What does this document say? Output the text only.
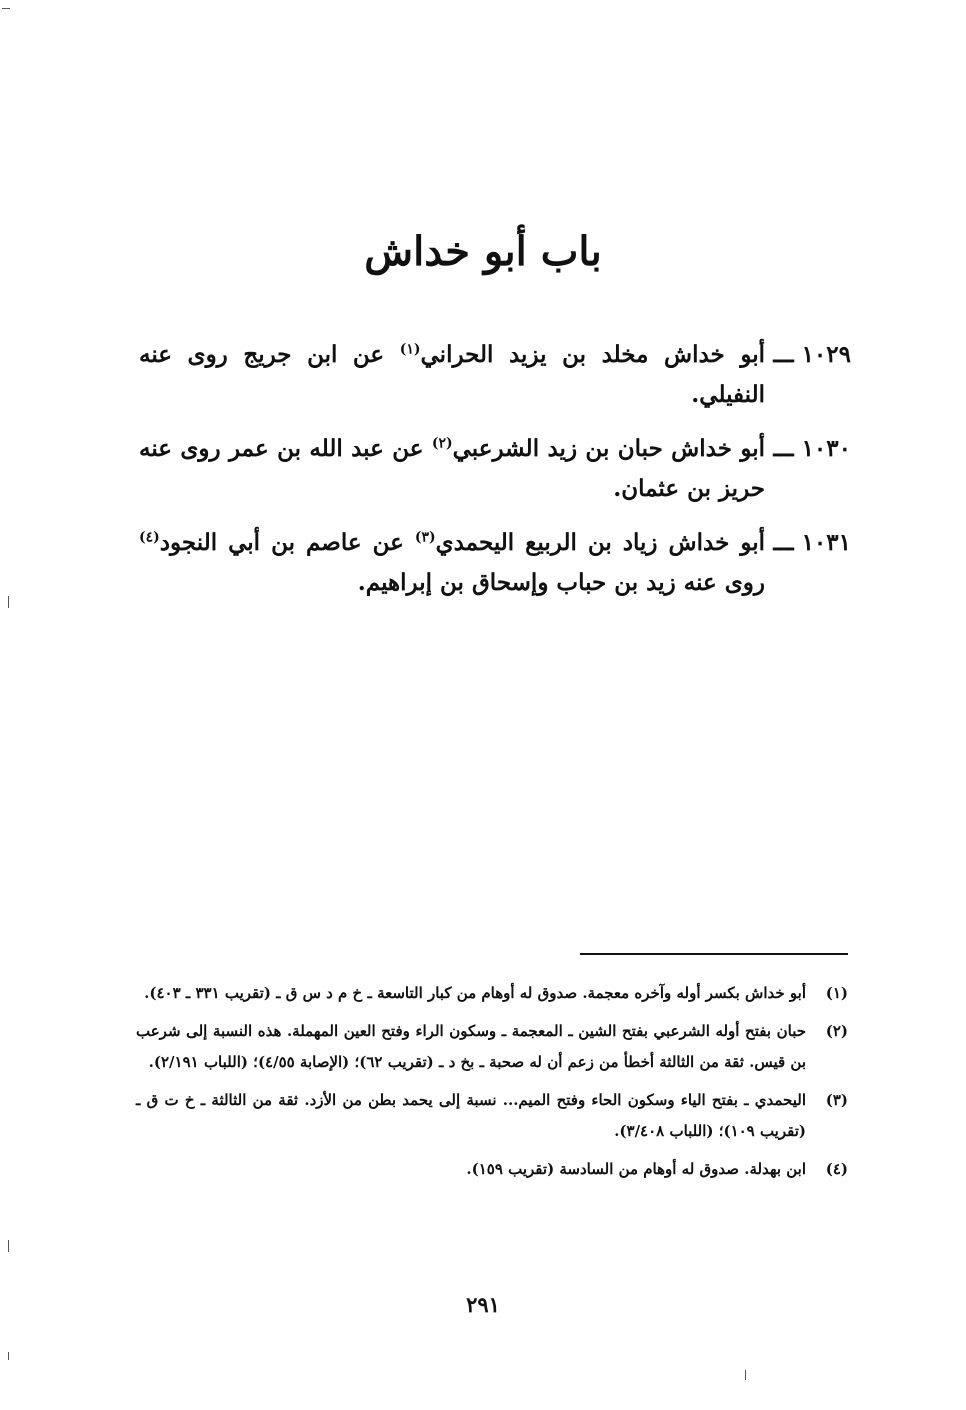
باب أبو خداش
١٠٢٩ ـــ
أبو خداش مخلد بن يزيد الحراني$^{(١)}$ عن ابن جريج روى عنه النفيلي.
١٠٣٠ ـــ
أبو خداش حبان بن زيد الشرعبي$^{(٢)}$ عن عبد الله بن عمر روى عنه حريز بن عثمان.
١٠٣١ ـــ
أبو خداش زياد بن الربيع اليحمدي$^{(٣)}$ عن عاصم بن أبي النجود$^{(٤)}$ روى عنه زيد بن حباب وإسحاق بن إبراهيم.
(١)
أبو خداش بكسر أوله وآخره معجمة. صدوق له أوهام من كبار التاسعة ـ خ م د س ق ـ (تقريب ٣٣١ ـ ٤٠٣).
(٢)
حبان بفتح أوله الشرعبي بفتح الشين ـ المعجمة ـ وسكون الراء وفتح العين المهملة. هذه النسبة إلى شرعب بن قيس. ثقة من الثالثة أخطأ من زعم أن له صحبة ـ بخ د ـ (تقريب ٦٢)؛ (الإصابة ٤/٥٥)؛ (اللباب ٢/١٩١).
(٣)
اليحمدي ـ بفتح الياء وسكون الحاء وفتح الميم... نسبة إلى يحمد بطن من الأزد. ثقة من الثالثة ـ خ ت ق ـ (تقريب ١٠٩)؛ (اللباب ٣/٤٠٨).
(٤)
ابن بهدلة. صدوق له أوهام من السادسة (تقريب ١٥٩).
٢٩١
